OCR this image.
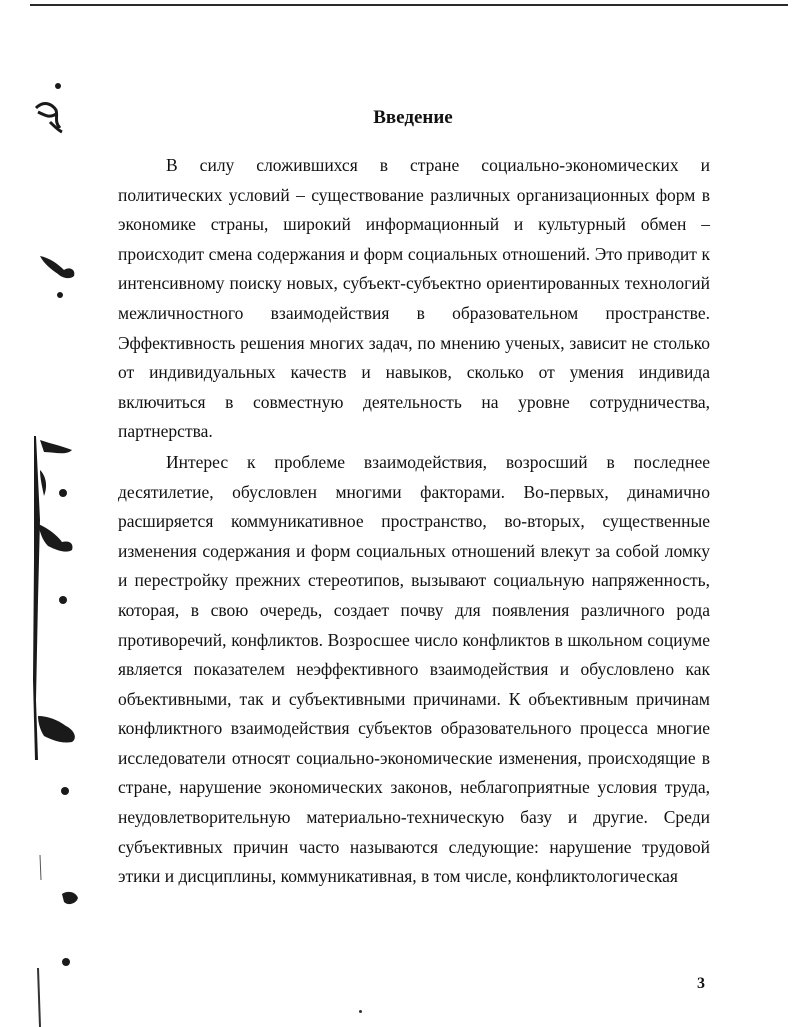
Введение

В силу сложившихся в стране социально-экономических и политических условий – существование различных организационных форм в экономике страны, широкий информационный и культурный обмен – происходит смена содержания и форм социальных отношений. Это приводит к интенсивному поиску новых, субъект-субъектно ориентированных технологий межличностного взаимодействия в образовательном пространстве. Эффективность решения многих задач, по мнению ученых, зависит не столько от индивидуальных качеств и навыков, сколько от умения индивида включиться в совместную деятельность на уровне сотрудничества, партнерства.

Интерес к проблеме взаимодействия, возросший в последнее десятилетие, обусловлен многими факторами. Во-первых, динамично расширяется коммуникативное пространство, во-вторых, существенные изменения содержания и форм социальных отношений влекут за собой ломку и перестройку прежних стереотипов, вызывают социальную напряженность, которая, в свою очередь, создает почву для появления различного рода противоречий, конфликтов. Возросшее число конфликтов в школьном социуме является показателем неэффективного взаимодействия и обусловлено как объективными, так и субъективными причинами. К объективным причинам конфликтного взаимодействия субъектов образовательного процесса многие исследователи относят социально-экономические изменения, происходящие в стране, нарушение экономических законов, неблагоприятные условия труда, неудовлетворительную материально-техническую базу и другие. Среди субъективных причин часто называются следующие: нарушение трудовой этики и дисциплины, коммуникативная, в том числе, конфликтологическая

3
